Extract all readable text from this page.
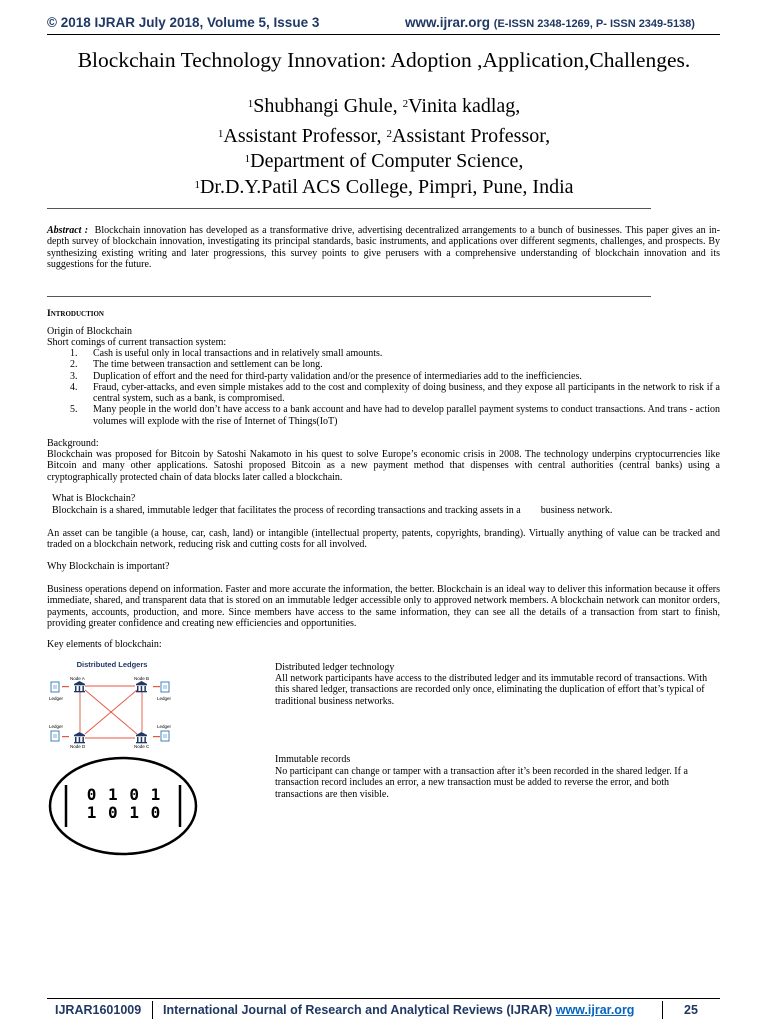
© 2018 IJRAR July 2018, Volume 5, Issue 3	www.ijrar.org (E-ISSN 2348-1269, P- ISSN 2349-5138)
Blockchain Technology Innovation: Adoption ,Application,Challenges.
$^1$Shubhangi Ghule, $^2$Vinita kadlag,
$^1$Assistant Professor, $^2$Assistant Professor,
$^1$Department of Computer Science,
$^1$Dr.D.Y.Patil ACS College, Pimpri, Pune, India
Abstract : Blockchain innovation has developed as a transformative drive, advertising decentralized arrangements to a bunch of businesses. This paper gives an in-depth survey of blockchain innovation, investigating its principal standards, basic instruments, and applications over different segments, challenges, and prospects. By synthesizing existing writing and later progressions, this survey points to give perusers with a comprehensive understanding of blockchain innovation and its suggestions for the future.
Introduction
Origin of Blockchain
Short comings of current transaction system:
1. Cash is useful only in local transactions and in relatively small amounts.
2. The time between transaction and settlement can be long.
3. Duplication of effort and the need for third-party validation and/or the presence of intermediaries add to the inefficiencies.
4. Fraud, cyber-attacks, and even simple mistakes add to the cost and complexity of doing business, and they expose all participants in the network to risk if a central system, such as a bank, is compromised.
5. Many people in the world don’t have access to a bank account and have had to develop parallel payment systems to conduct transactions. And trans - action volumes will explode with the rise of Internet of Things(IoT)
Background:
Blockchain was proposed for Bitcoin by Satoshi Nakamoto in his quest to solve Europe’s economic crisis in 2008. The technology underpins cryptocurrencies like Bitcoin and many other applications. Satoshi proposed Bitcoin as a new payment method that dispenses with central authorities (central banks) using a cryptographically protected chain of data blocks later called a blockchain.
What is Blockchain?
Blockchain is a shared, immutable ledger that facilitates the process of recording transactions and tracking assets in a        business network.
An asset can be tangible (a house, car, cash, land) or intangible (intellectual property, patents, copyrights, branding). Virtually anything of value can be tracked and traded on a blockchain network, reducing risk and cutting costs for all involved.
Why Blockchain is important?
Business operations depend on information. Faster and more accurate the information, the better. Blockchain is an ideal way to deliver this information because it offers immediate, shared, and transparent data that is stored on an immutable ledger accessible only to approved network members. A blockchain network can monitor orders, payments, accounts, production, and more. Since members have access to the same information, they can see all the details of a transaction from start to finish, providing greater confidence and creating new efficiencies and opportunities.
Key elements of blockchain:
Distributed Ledgers
Node A	Node B
Node D	Node C
Ledger	Ledger
Ledger	Ledger
0 1 0 1
1 0 1 0
Distributed ledger technology
All network participants have access to the distributed ledger and its immutable record of transactions. With this shared ledger, transactions are recorded only once, eliminating the duplication of effort that’s typical of traditional business networks.
Immutable records
No participant can change or tamper with a transaction after it’s been recorded in the shared ledger. If a transaction record includes an error, a new transaction must be added to reverse the error, and both transactions are then visible.
IJRAR1601009 International Journal of Research and Analytical Reviews (IJRAR) www.ijrar.org	25
